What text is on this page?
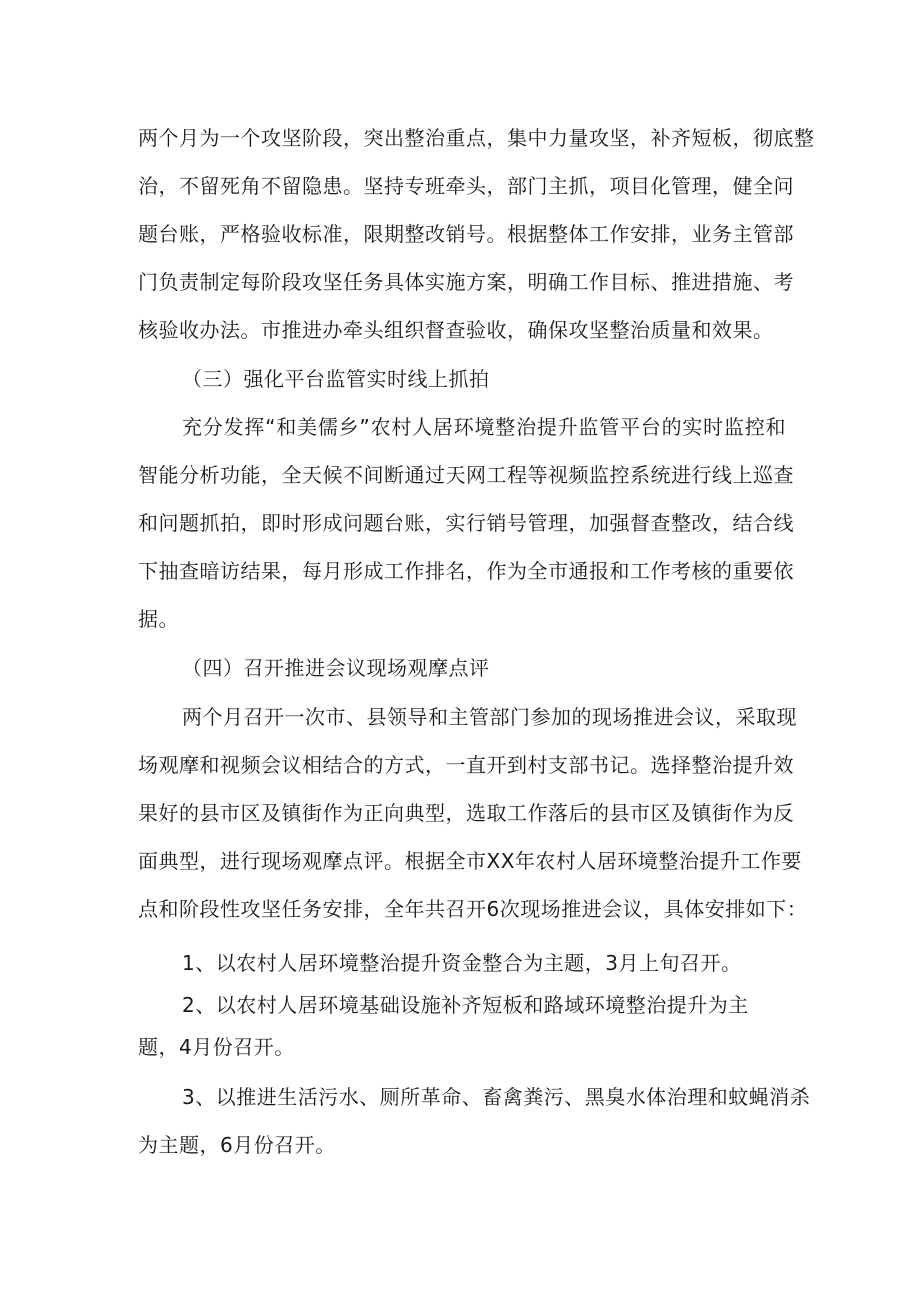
两个月为一个攻坚阶段，突出整治重点，集中力量攻坚，补齐短板，彻底整
治，不留死角不留隐患。坚持专班牵头，部门主抓，项目化管理，健全问
题台账，严格验收标准，限期整改销号。根据整体工作安排，业务主管部
门负责制定每阶段攻坚任务具体实施方案，明确工作目标、推进措施、考
核验收办法。市推进办牵头组织督查验收，确保攻坚整治质量和效果。
（三）强化平台监管实时线上抓拍
充分发挥“和美儒乡”农村人居环境整治提升监管平台的实时监控和
智能分析功能，全天候不间断通过天网工程等视频监控系统进行线上巡查
和问题抓拍，即时形成问题台账，实行销号管理，加强督查整改，结合线
下抽查暗访结果，每月形成工作排名，作为全市通报和工作考核的重要依
据。
（四）召开推进会议现场观摩点评
两个月召开一次市、县领导和主管部门参加的现场推进会议，采取现
场观摩和视频会议相结合的方式，一直开到村支部书记。选择整治提升效
果好的县市区及镇街作为正向典型，选取工作落后的县市区及镇街作为反
面典型，进行现场观摩点评。根据全市XX年农村人居环境整治提升工作要
点和阶段性攻坚任务安排，全年共召开6次现场推进会议，具体安排如下：
1、以农村人居环境整治提升资金整合为主题，3月上旬召开。
2、以农村人居环境基础设施补齐短板和路域环境整治提升为主
题，4月份召开。
3、以推进生活污水、厕所革命、畜禽粪污、黑臭水体治理和蚊蝇消杀
为主题，6月份召开。
